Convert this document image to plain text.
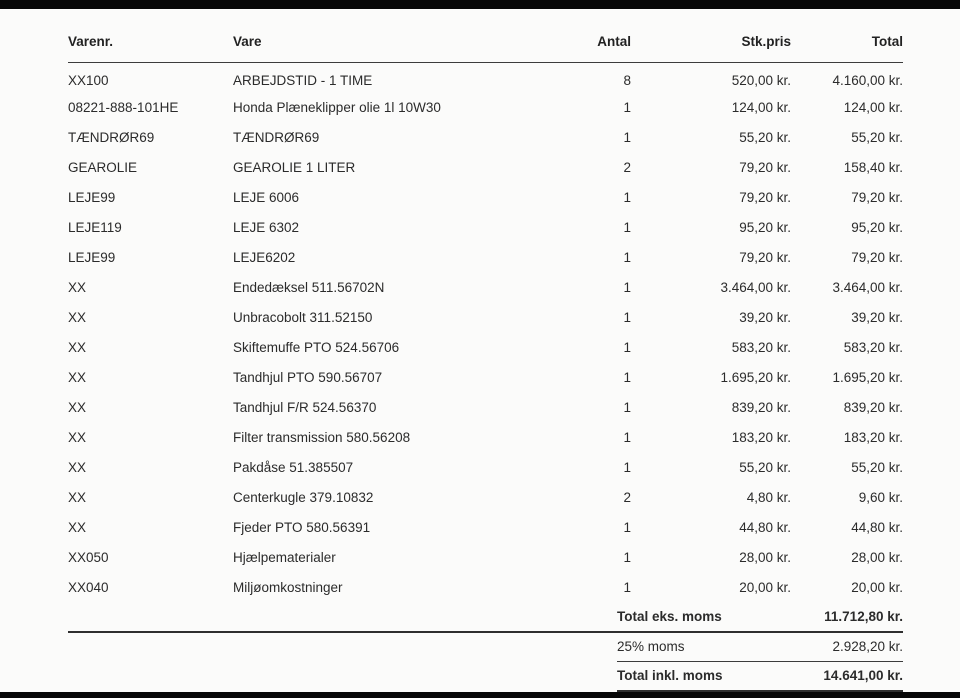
Varenr.	Vare	Antal	Stk.pris	Total
XX100	ARBEJDSTID - 1 TIME	8	520,00 kr.	4.160,00 kr.
08221-888-101HE	Honda Plæneklipper olie 1l 10W30	1	124,00 kr.	124,00 kr.
TÆNDRØR69	TÆNDRØR69	1	55,20 kr.	55,20 kr.
GEAROLIE	GEAROLIE 1 LITER	2	79,20 kr.	158,40 kr.
LEJE99	LEJE 6006	1	79,20 kr.	79,20 kr.
LEJE119	LEJE 6302	1	95,20 kr.	95,20 kr.
LEJE99	LEJE6202	1	79,20 kr.	79,20 kr.
XX	Endedæksel 511.56702N	1	3.464,00 kr.	3.464,00 kr.
XX	Unbracobolt 311.52150	1	39,20 kr.	39,20 kr.
XX	Skiftemuffe PTO 524.56706	1	583,20 kr.	583,20 kr.
XX	Tandhjul PTO 590.56707	1	1.695,20 kr.	1.695,20 kr.
XX	Tandhjul F/R 524.56370	1	839,20 kr.	839,20 kr.
XX	Filter transmission 580.56208	1	183,20 kr.	183,20 kr.
XX	Pakdåse 51.385507	1	55,20 kr.	55,20 kr.
XX	Centerkugle 379.10832	2	4,80 kr.	9,60 kr.
XX	Fjeder PTO 580.56391	1	44,80 kr.	44,80 kr.
XX050	Hjælpematerialer	1	28,00 kr.	28,00 kr.
XX040	Miljøomkostninger	1	20,00 kr.	20,00 kr.
Total eks. moms	11.712,80 kr.
25% moms	2.928,20 kr.
Total inkl. moms	14.641,00 kr.
